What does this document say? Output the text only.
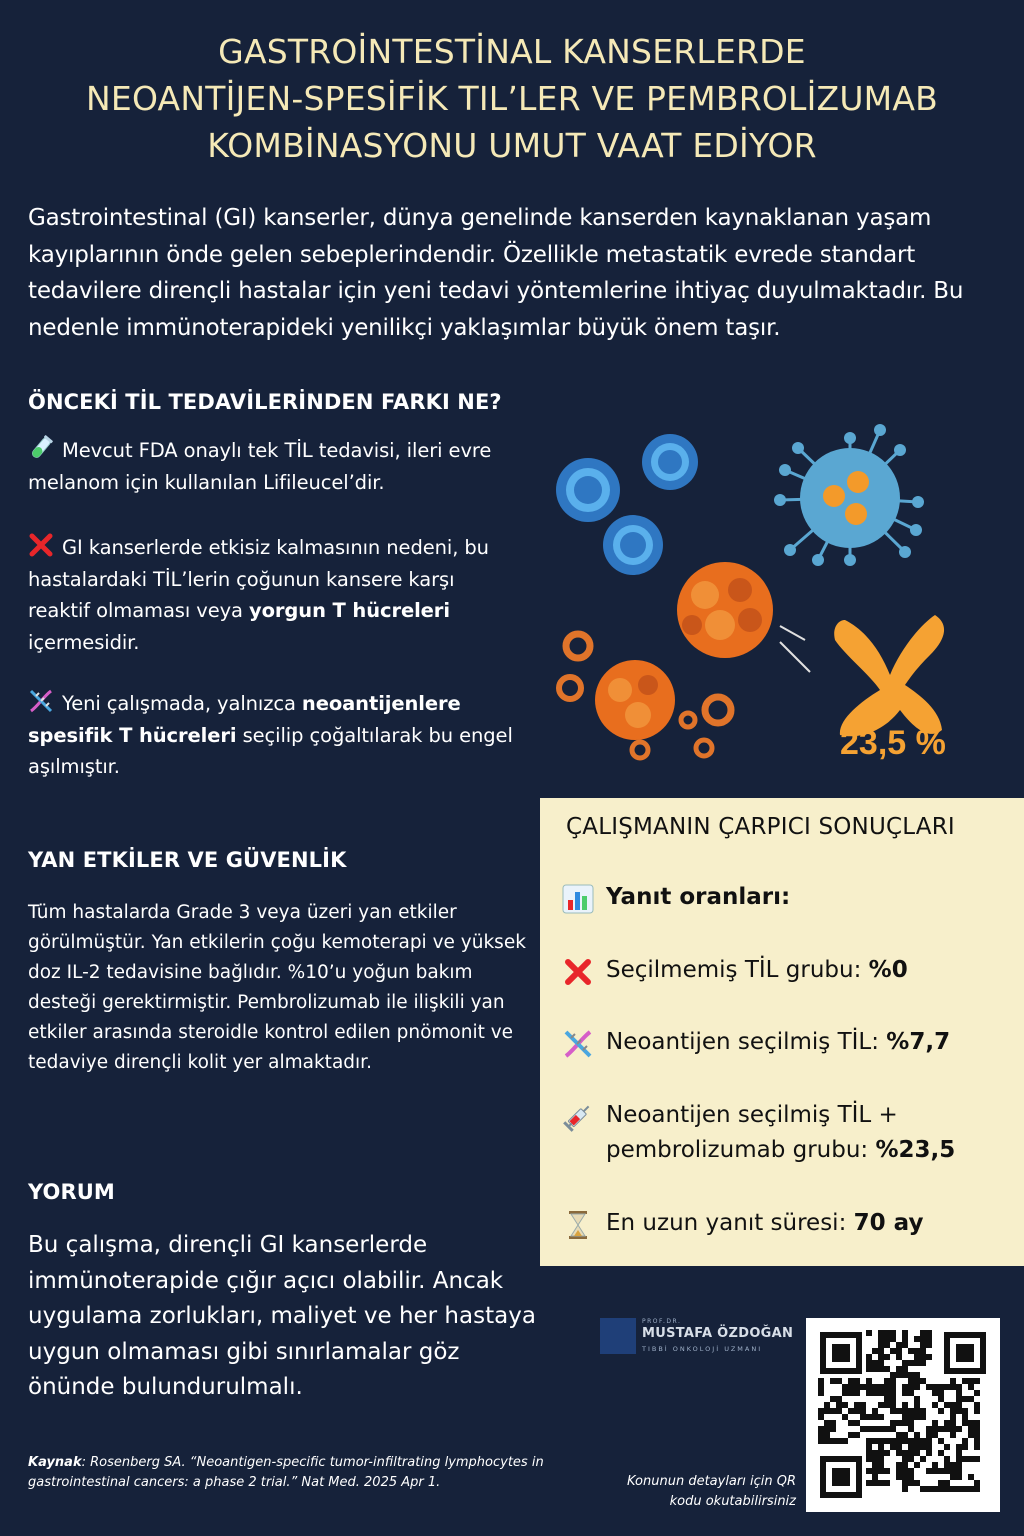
GASTROİNTESTİNAL KANSERLERDE
NEOANTİJEN-SPESİFİK TIL’LER VE PEMBROLİZUMAB
KOMBİNASYONU UMUT VAAT EDİYOR

Gastrointestinal (GI) kanserler, dünya genelinde kanserden kaynaklanan yaşam kayıplarının önde gelen sebeplerindendir. Özellikle metastatik evrede standart tedavilere dirençli hastalar için yeni tedavi yöntemlerine ihtiyaç duyulmaktadır. Bu nedenle immünoterapideki yenilikçi yaklaşımlar büyük önem taşır.

ÖNCEKİ TİL TEDAVİLERİNDEN FARKI NE?

Mevcut FDA onaylı tek TİL tedavisi, ileri evre melanom için kullanılan Lifileucel’dir.

GI kanserlerde etkisiz kalmasının nedeni, bu hastalardaki TİL’lerin çoğunun kansere karşı reaktif olmaması veya yorgun T hücreleri içermesidir.

Yeni çalışmada, yalnızca neoantijenlere spesifik T hücreleri seçilip çoğaltılarak bu engel aşılmıştır.

23,5 %
YAN ETKİLER VE GÜVENLİK

Tüm hastalarda Grade 3 veya üzeri yan etkiler görülmüştür. Yan etkilerin çoğu kemoterapi ve yüksek doz IL-2 tedavisine bağlıdır. %10’u yoğun bakım desteği gerektirmiştir. Pembrolizumab ile ilişkili yan etkiler arasında steroidle kontrol edilen pnömonit ve tedaviye dirençli kolit yer almaktadır.

YORUM

Bu çalışma, dirençli GI kanserlerde immünoterapide çığır açıcı olabilir. Ancak uygulama zorlukları, maliyet ve her hastaya uygun olmaması gibi sınırlamalar göz önünde bulundurulmalı.

ÇALIŞMANIN ÇARPICI SONUÇLARI
Yanıt oranları:
Seçilmemiş TİL grubu: %0
Neoantijen seçilmiş TİL: %7,7
Neoantijen seçilmiş TİL + pembrolizumab grubu: %23,5
En uzun yanıt süresi: 70 ay
PROF.DR.
MUSTAFA ÖZDOĞAN
TIBBİ ONKOLOJİ UZMANI
Konunun detayları için QR kodu okutabilirsiniz

Kaynak: Rosenberg SA. “Neoantigen-specific tumor-infiltrating lymphocytes in gastrointestinal cancers: a phase 2 trial.” Nat Med. 2025 Apr 1.
